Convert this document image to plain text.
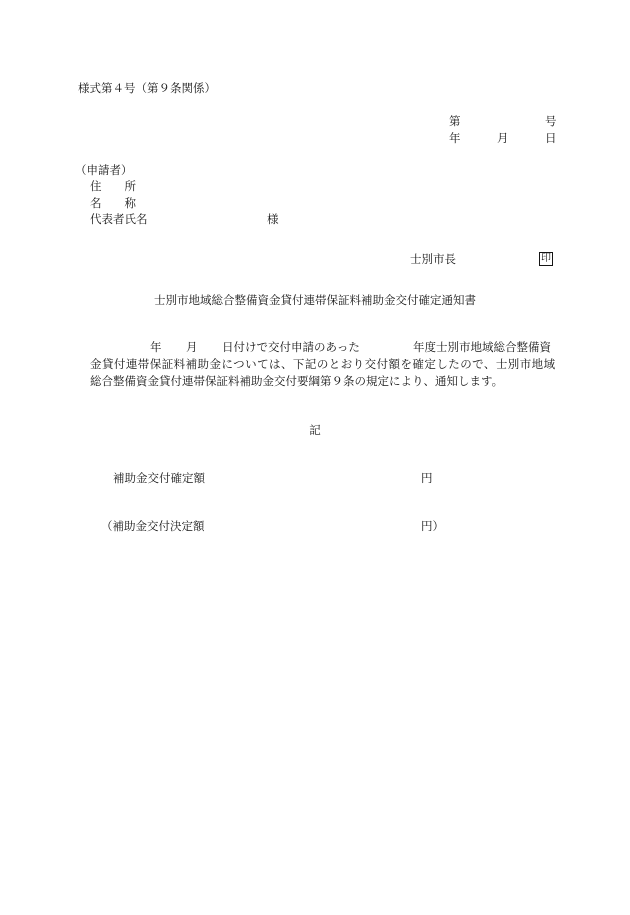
様式第４号（第９条関係）
第	号
年	月	日
（申請者）
住　　所
名　　称
代表者氏名	様
士別市長	印
士別市地域総合整備資金貸付連帯保証料補助金交付確定通知書
年 月 日付けで交付申請のあった	年度士別市地域総合整備資
金貸付連帯保証料補助金については、下記のとおり交付額を確定したので、士別市地域
総合整備資金貸付連帯保証料補助金交付要綱第９条の規定により、通知します。
記
補助金交付確定額	円
（補助金交付決定額	円）
